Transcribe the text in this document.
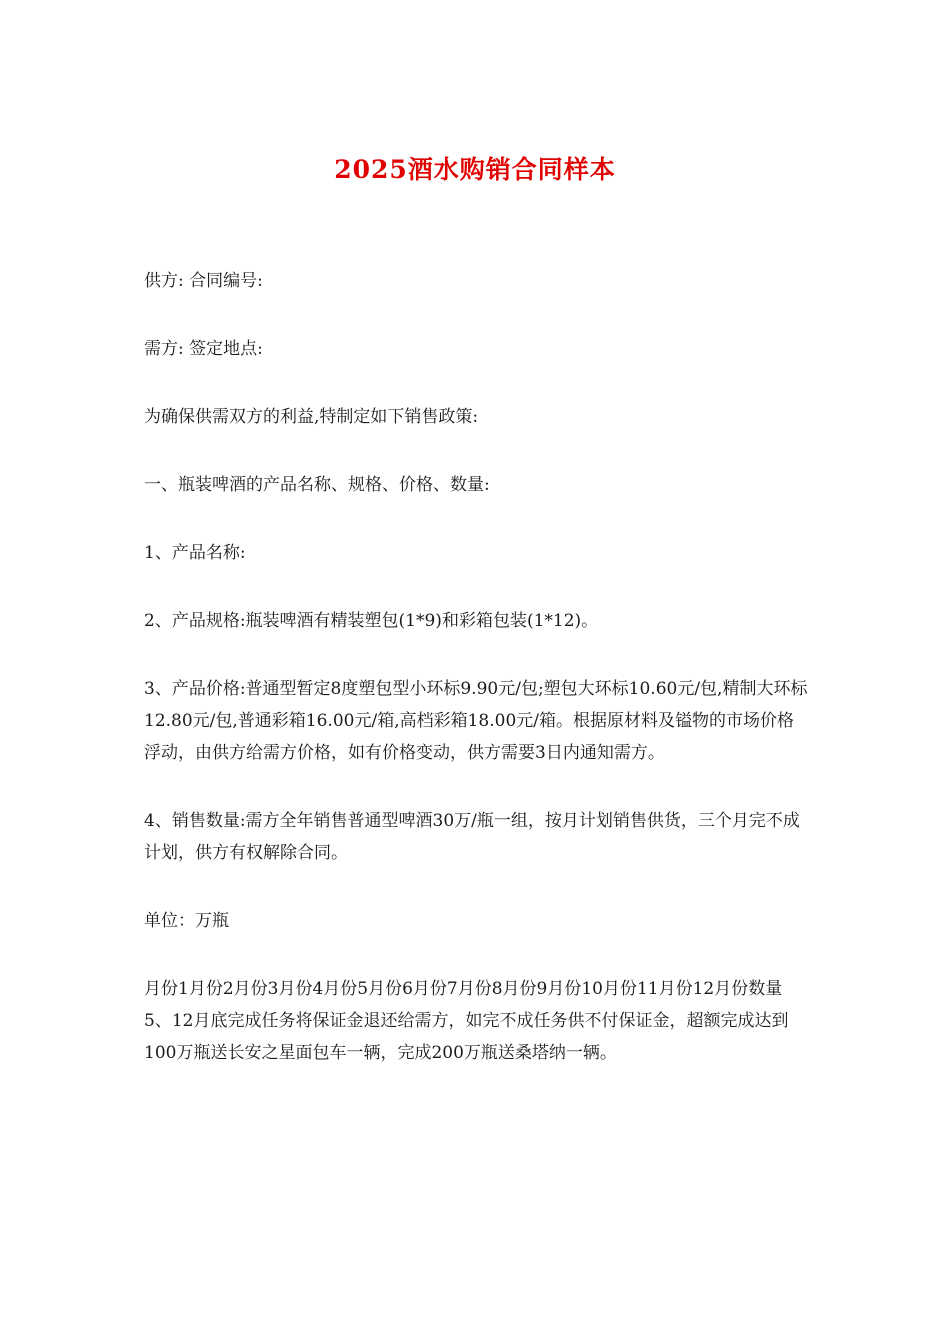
2025酒水购销合同样本

供方: 合同编号:

需方: 签定地点:

为确保供需双方的利益,特制定如下销售政策:

一、瓶装啤酒的产品名称、规格、价格、数量:

1、产品名称:

2、产品规格:瓶装啤酒有精装塑包(1*9)和彩箱包装(1*12)。

3、产品价格:普通型暂定8度塑包型小环标9.90元/包;塑包大环标10.60元/包,精制大环标12.80元/包,普通彩箱16.00元/箱,高档彩箱18.00元/箱。根据原材料及镒物的市场价格浮动，由供方给需方价格，如有价格变动，供方需要3日内通知需方。

4、销售数量:需方全年销售普通型啤酒30万/瓶一组，按月计划销售供货，三个月完不成计划，供方有权解除合同。

单位：万瓶

月份1月份2月份3月份4月份5月份6月份7月份8月份9月份10月份11月份12月份数量5、12月底完成任务将保证金退还给需方，如完不成任务供不付保证金，超额完成达到100万瓶送长安之星面包车一辆，完成200万瓶送桑塔纳一辆。
